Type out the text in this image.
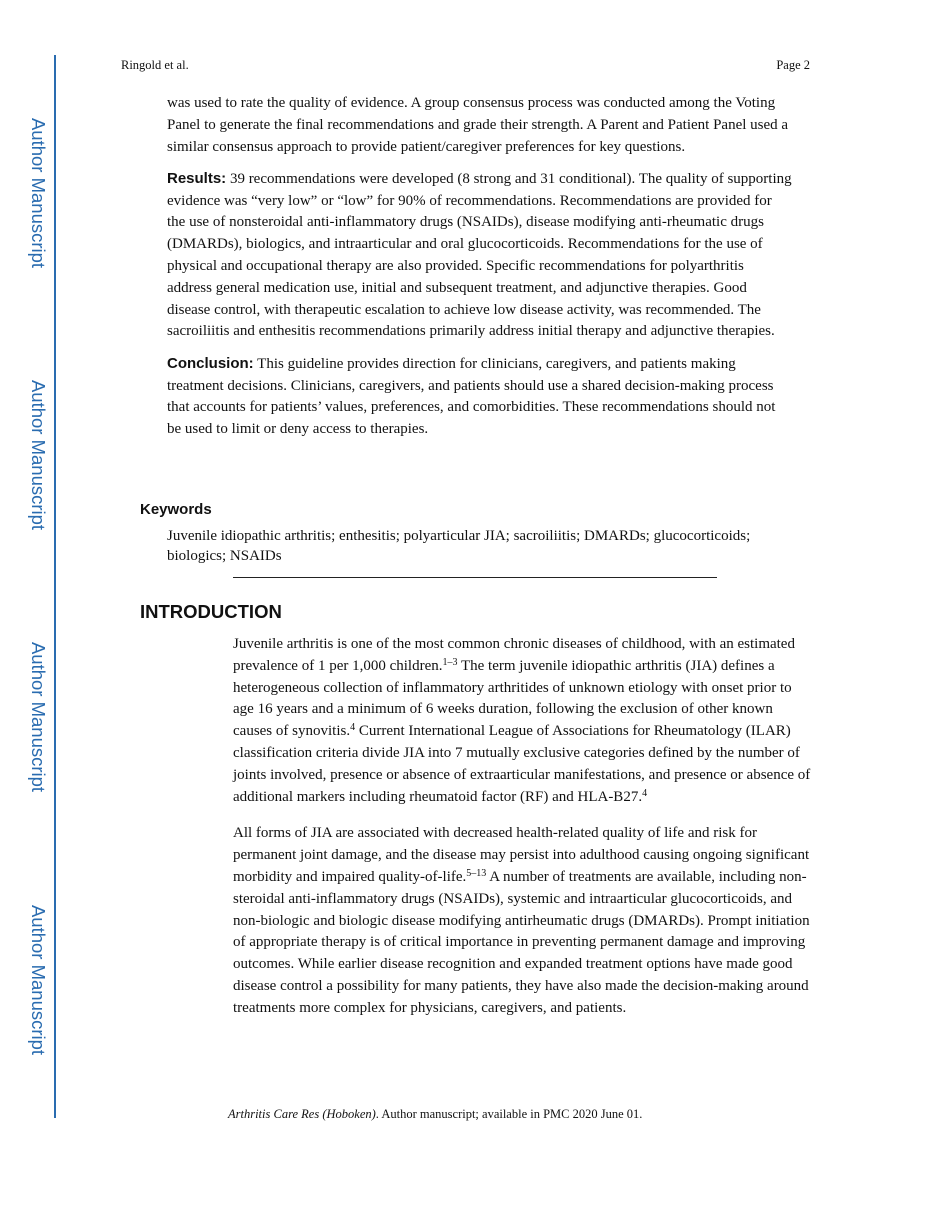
Author Manuscript
Author Manuscript
Author Manuscript
Author Manuscript
Ringold et al.	Page 2

was used to rate the quality of evidence. A group consensus process was conducted among the Voting Panel to generate the final recommendations and grade their strength. A Parent and Patient Panel used a similar consensus approach to provide patient/caregiver preferences for key questions.

Results: 39 recommendations were developed (8 strong and 31 conditional). The quality of supporting evidence was “very low” or “low” for 90% of recommendations. Recommendations are provided for the use of nonsteroidal anti-inflammatory drugs (NSAIDs), disease modifying anti-rheumatic drugs (DMARDs), biologics, and intraarticular and oral glucocorticoids. Recommendations for the use of physical and occupational therapy are also provided. Specific recommendations for polyarthritis address general medication use, initial and subsequent treatment, and adjunctive therapies. Good disease control, with therapeutic escalation to achieve low disease activity, was recommended. The sacroiliitis and enthesitis recommendations primarily address initial therapy and adjunctive therapies.

Conclusion: This guideline provides direction for clinicians, caregivers, and patients making treatment decisions. Clinicians, caregivers, and patients should use a shared decision-making process that accounts for patients’ values, preferences, and comorbidities. These recommendations should not be used to limit or deny access to therapies.

Keywords
Juvenile idiopathic arthritis; enthesitis; polyarticular JIA; sacroiliitis; DMARDs; glucocorticoids; biologics; NSAIDs
INTRODUCTION

Juvenile arthritis is one of the most common chronic diseases of childhood, with an estimated prevalence of 1 per 1,000 children.$^{1-3}$ The term juvenile idiopathic arthritis (JIA) defines a heterogeneous collection of inflammatory arthritides of unknown etiology with onset prior to age 16 years and a minimum of 6 weeks duration, following the exclusion of other known causes of synovitis.$^4$ Current International League of Associations for Rheumatology (ILAR) classification criteria divide JIA into 7 mutually exclusive categories defined by the number of joints involved, presence or absence of extraarticular manifestations, and presence or absence of additional markers including rheumatoid factor (RF) and HLA-B27.$^4$

All forms of JIA are associated with decreased health-related quality of life and risk for permanent joint damage, and the disease may persist into adulthood causing ongoing significant morbidity and impaired quality-of-life.$^{5-13}$ A number of treatments are available, including non-steroidal anti-inflammatory drugs (NSAIDs), systemic and intraarticular glucocorticoids, and non-biologic and biologic disease modifying antirheumatic drugs (DMARDs). Prompt initiation of appropriate therapy is of critical importance in preventing permanent damage and improving outcomes. While earlier disease recognition and expanded treatment options have made good disease control a possibility for many patients, they have also made the decision-making around treatments more complex for physicians, caregivers, and patients.

Arthritis Care Res (Hoboken). Author manuscript; available in PMC 2020 June 01.
